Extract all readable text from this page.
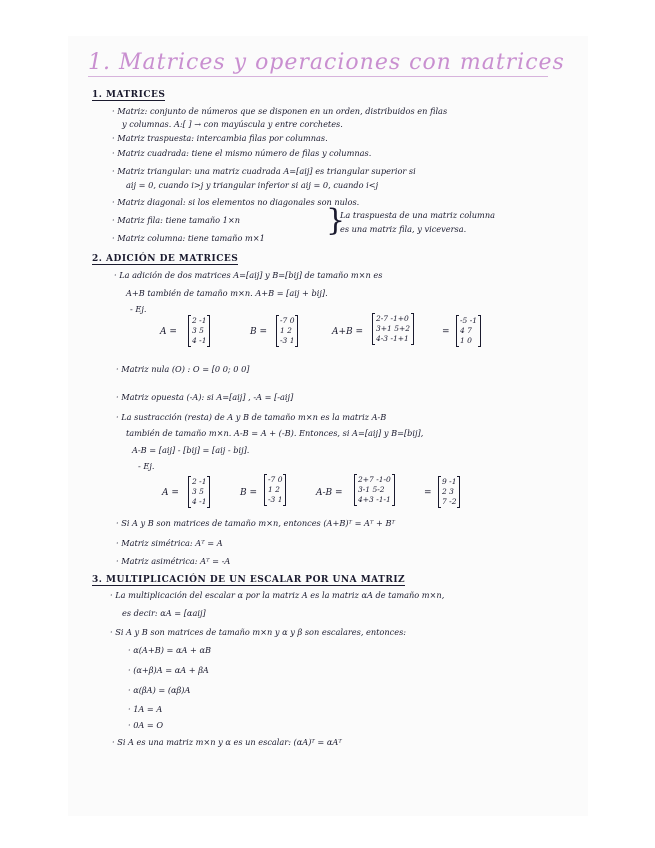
1. Matrices y operaciones con matrices
1. MATRICES
· Matriz: conjunto de números que se disponen en un orden, distribuidos en filas
y columnas. A:[ ] → con mayúscula y entre corchetes.
· Matriz traspuesta: intercambia filas por columnas.
· Matriz cuadrada: tiene el mismo número de filas y columnas.
· Matriz triangular: una matriz cuadrada A=[aij] es triangular superior si
aij = 0, cuando i>j y triangular inferior si aij = 0, cuando i<j
· Matriz diagonal: si los elementos no diagonales son nulos.
· Matriz fila: tiene tamaño 1×n
· Matriz columna: tiene tamaño m×1 }
La traspuesta de una matriz columna
es una matriz fila, y viceversa.
2. ADICIÓN DE MATRICES
· La adición de dos matrices A=[aij] y B=[bij] de tamaño m×n es
A+B también de tamaño m×n. A+B = [aij + bij].
- Ej.
A =
2 -1
3 5
4 -1
B =
-7 0
1 2
-3 1
A+B =
2-7 -1+0
3+1 5+2
4-3 -1+1
=
-5 -1
4 7
1 0
· Matriz nula (O) : O = [0 0; 0 0]
· Matriz opuesta (-A): si A=[aij] , -A = [-aij]
· La sustracción (resta) de A y B de tamaño m×n es la matriz A-B
también de tamaño m×n. A-B = A + (-B). Entonces, si A=[aij] y B=[bij],
A-B = [aij] - [bij] = [aij - bij].
- Ej.
A =
2 -1
3 5
4 -1
B =
-7 0
1 2
-3 1
A-B =
2+7 -1-0
3-1 5-2
4+3 -1-1
=
9 -1
2 3
7 -2
· Si A y B son matrices de tamaño m×n, entonces (A+B)ᵀ = Aᵀ + Bᵀ
· Matriz simétrica: Aᵀ = A
· Matriz asimétrica: Aᵀ = -A
3. MULTIPLICACIÓN DE UN ESCALAR POR UNA MATRIZ
· La multiplicación del escalar α por la matriz A es la matriz αA de tamaño m×n,
es decir: αA = [αaij]
· Si A y B son matrices de tamaño m×n y α y β son escalares, entonces:
· α(A+B) = αA + αB
· (α+β)A = αA + βA
· α(βA) = (αβ)A
· 1A = A
· 0A = O
· Si A es una matriz m×n y α es un escalar: (αA)ᵀ = αAᵀ
